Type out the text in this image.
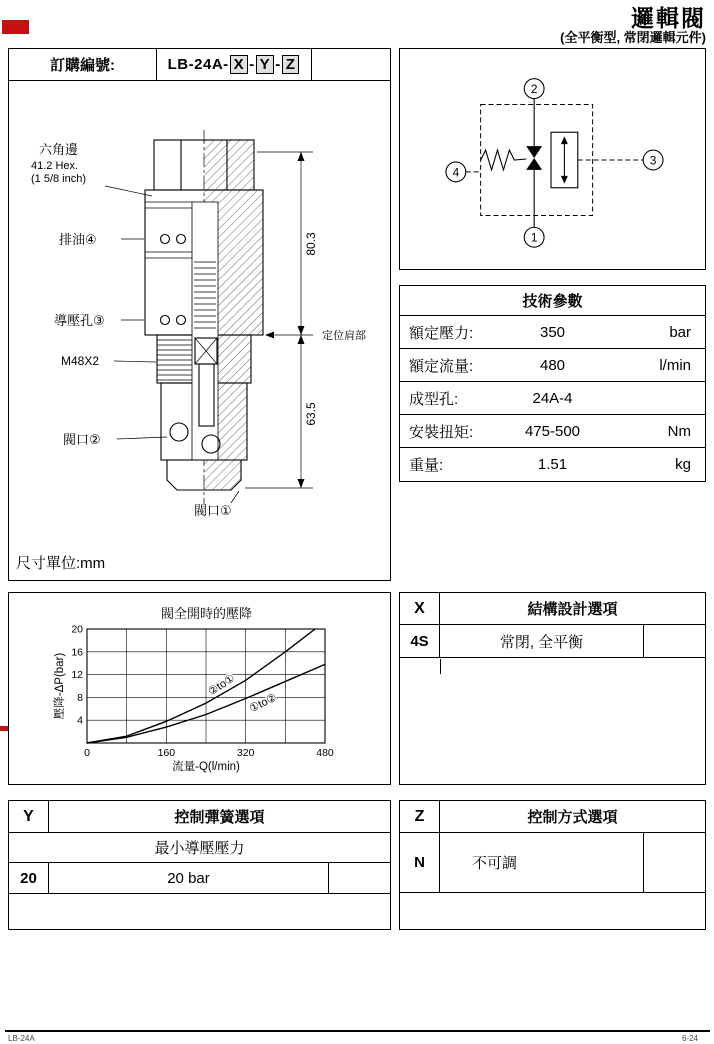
邏輯閥
(全平衡型, 常閉邏輯元件)
訂購編號:	LB-24A- X - Y - Z
六角邊
41.2 Hex.
(1 5/8 inch)
排油④
導壓孔③
M48X2
閥口②
閥口①
80.3
63.5
定位肩部
尺寸單位:mm
2
1
4
3
技術參數
額定壓力:	350	bar
額定流量:	480	l/min
成型孔:	24A-4
安裝扭矩:	475-500	Nm
重量:	1.51	kg
閥全開時的壓降
0	160	320	480
4
8
12
16
20
②to①
①to②
流量-Q(l/min)
壓降-ΔP(bar)
X	結構設計選項
4S	常閉, 全平衡
Y	控制彈簧選項
最小導壓壓力
20	20 bar
Z	控制方式選項
N	不可調
LB-24A	6-24
